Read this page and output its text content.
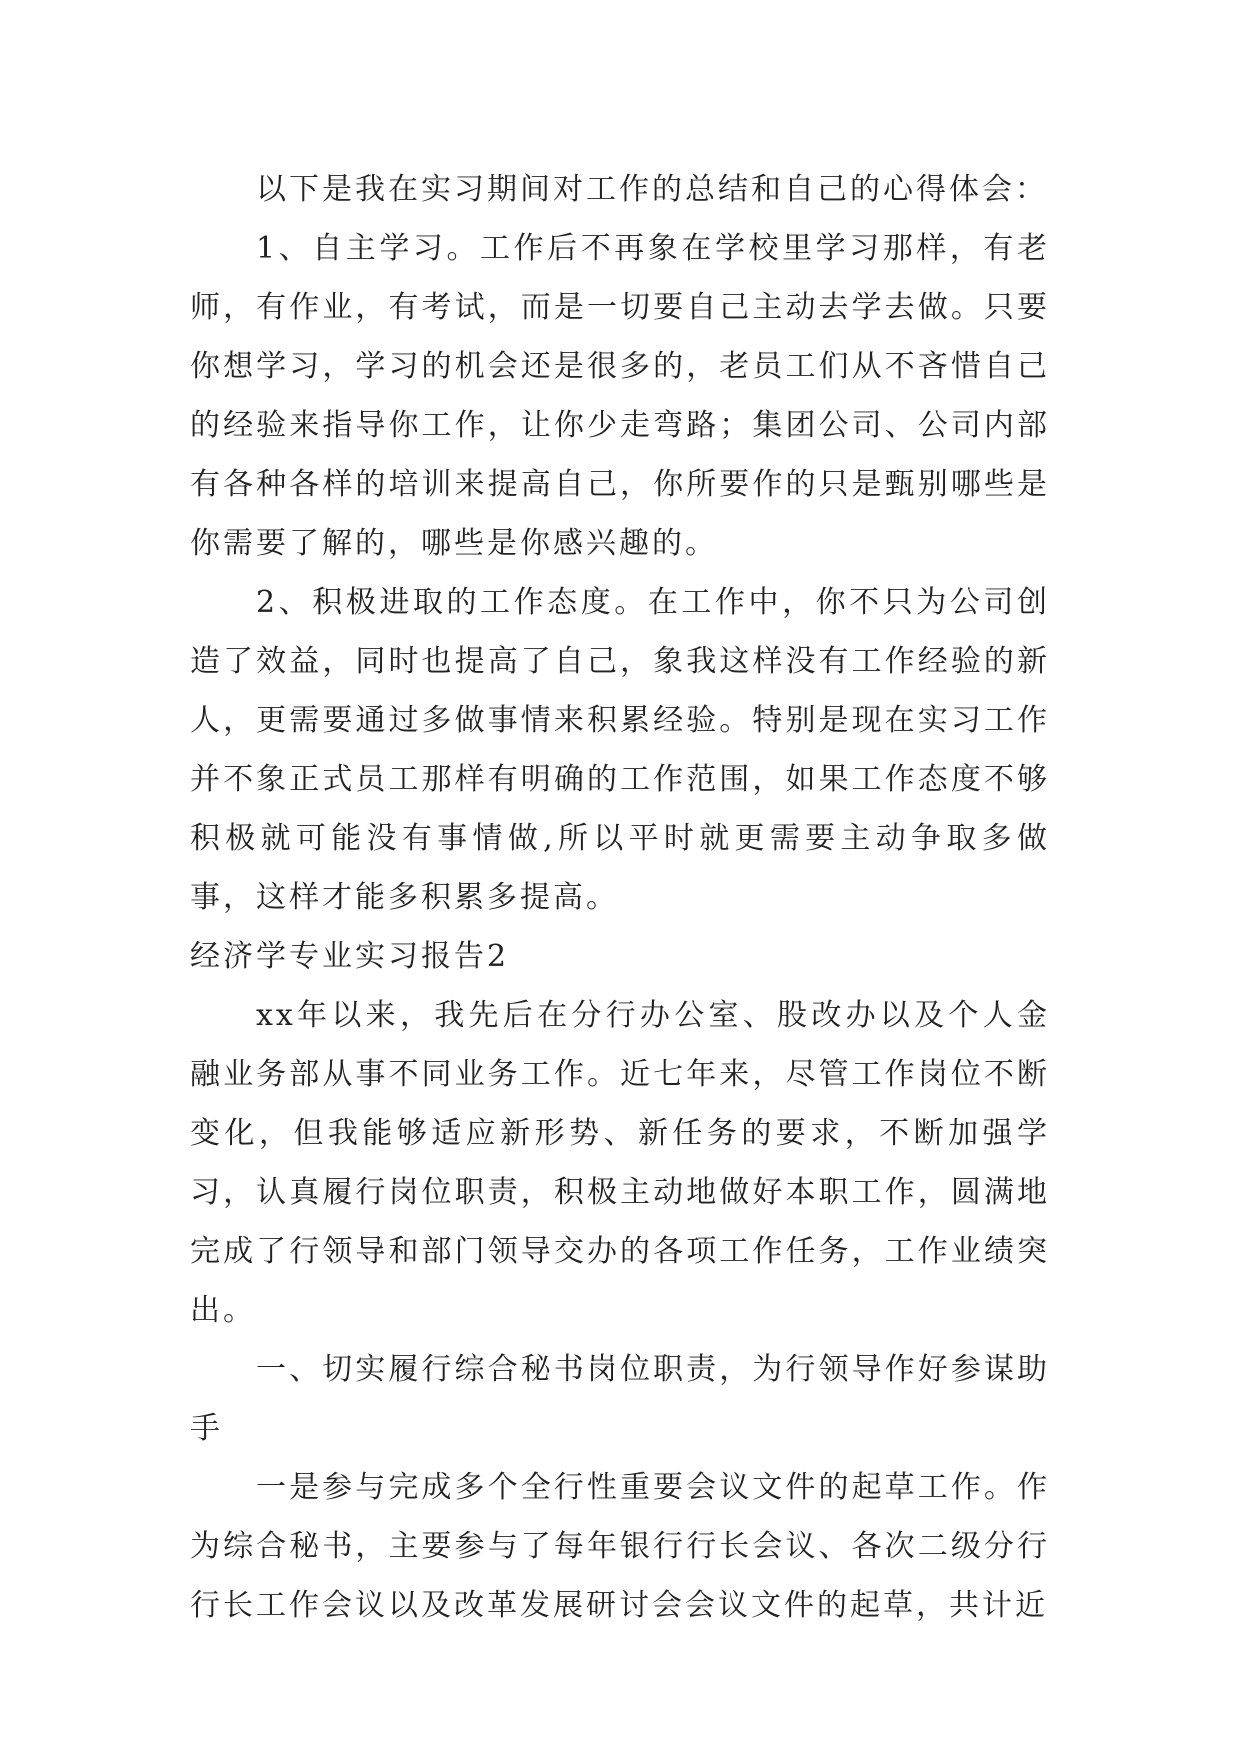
以下是我在实习期间对工作的总结和自己的心得体会：

1、自主学习。工作后不再象在学校里学习那样，有老师，有作业，有考试，而是一切要自己主动去学去做。只要你想学习，学习的机会还是很多的，老员工们从不吝惜自己的经验来指导你工作，让你少走弯路；集团公司、公司内部有各种各样的培训来提高自己，你所要作的只是甄别哪些是你需要了解的，哪些是你感兴趣的。

2、积极进取的工作态度。在工作中，你不只为公司创造了效益，同时也提高了自己，象我这样没有工作经验的新人，更需要通过多做事情来积累经验。特别是现在实习工作并不象正式员工那样有明确的工作范围，如果工作态度不够积极就可能没有事情做,所以平时就更需要主动争取多做事，这样才能多积累多提高。

经济学专业实习报告2

xx年以来，我先后在分行办公室、股改办以及个人金融业务部从事不同业务工作。近七年来，尽管工作岗位不断变化，但我能够适应新形势、新任务的要求，不断加强学习，认真履行岗位职责，积极主动地做好本职工作，圆满地完成了行领导和部门领导交办的各项工作任务，工作业绩突出。

一、切实履行综合秘书岗位职责，为行领导作好参谋助手

一是参与完成多个全行性重要会议文件的起草工作。作为综合秘书，主要参与了每年银行行长会议、各次二级分行行长工作会议以及改革发展研讨会会议文件的起草，共计近
